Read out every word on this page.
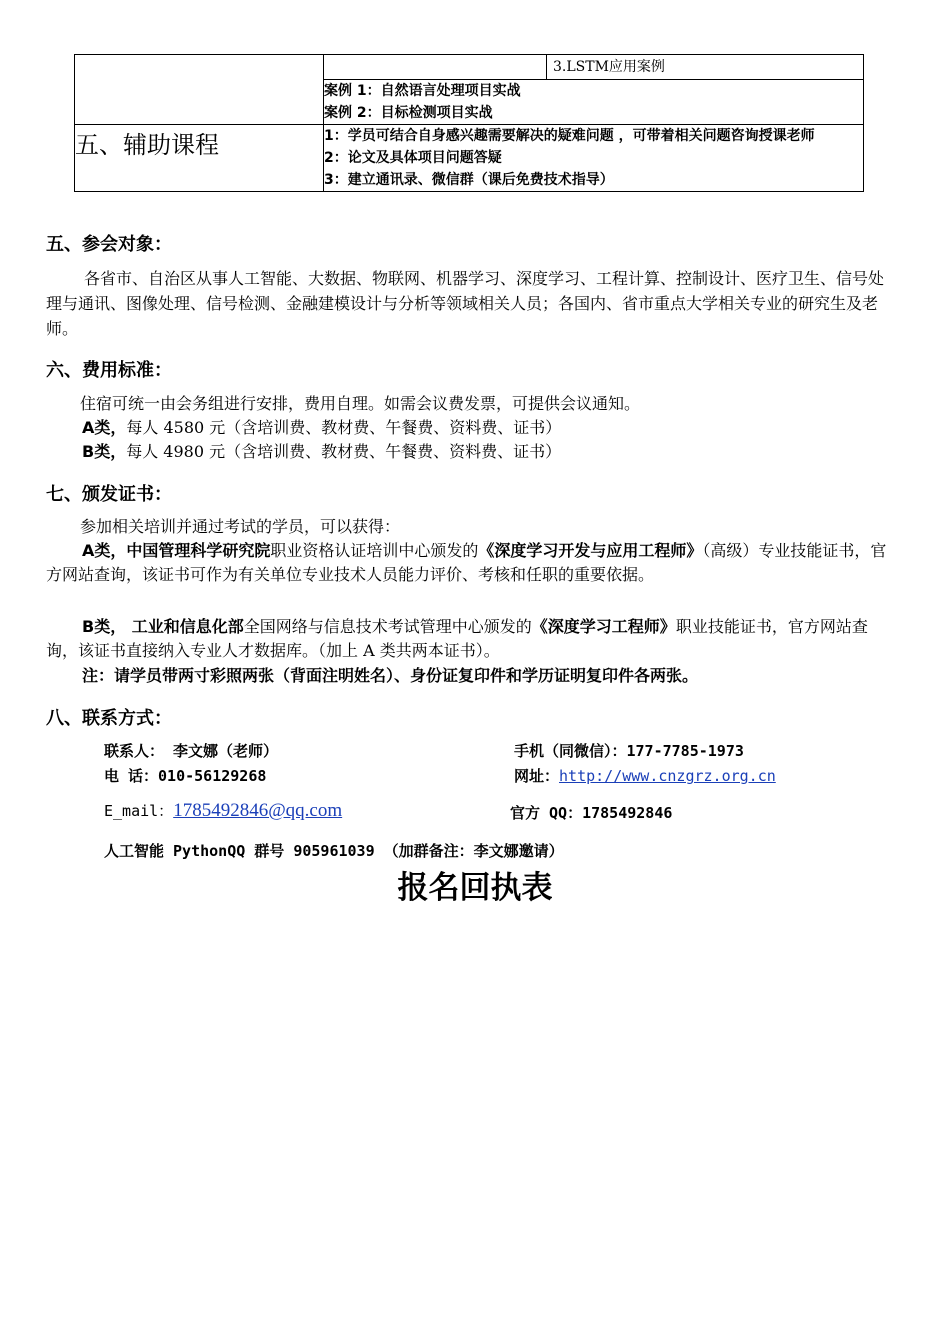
	3.LSTM应用案例

	案例 1：自然语言处理项目实战
案例 2：目标检测项目实战

五、辅助课程	1：学员可结合自身感兴趣需要解决的疑难问题 ，可带着相关问题咨询授课老师
2：论文及具体项目问题答疑
3：建立通讯录、微信群（课后免费技术指导）
五、参会对象：
各省市、自治区从事人工智能、大数据、物联网、机器学习、深度学习、工程计算、控制设计、医疗卫生、信号处理与通讯、图像处理、信号检测、金融建模设计与分析等领域相关人员；各国内、省市重点大学相关专业的研究生及老师。
六、费用标准：
住宿可统一由会务组进行安排，费用自理。如需会议费发票，可提供会议通知。
A类，每人 4580 元（含培训费、教材费、午餐费、资料费、证书）
B类，每人 4980 元（含培训费、教材费、午餐费、资料费、证书）
七、颁发证书：
参加相关培训并通过考试的学员，可以获得：
A类，中国管理科学研究院职业资格认证培训中心颁发的《深度学习开发与应用工程师》（高级）专业技能证书，官方网站查询，该证书可作为有关单位专业技术人员能力评价、考核和任职的重要依据。
B类， 工业和信息化部全国网络与信息技术考试管理中心颁发的《深度学习工程师》职业技能证书，官方网站查询，该证书直接纳入专业人才数据库。（加上 A 类共两本证书）。
注：请学员带两寸彩照两张（背面注明姓名）、身份证复印件和学历证明复印件各两张。
八、联系方式：
联系人： 李文娜（老师）	手机（同微信）：177-7785-1973
电 话：010-56129268	网址：http://www.cnzgrz.org.cn
E_mail：1785492846@qq.com	官方 QQ：1785492846
人工智能 PythonQQ 群号 905961039 （加群备注：李文娜邀请）
报名回执表
